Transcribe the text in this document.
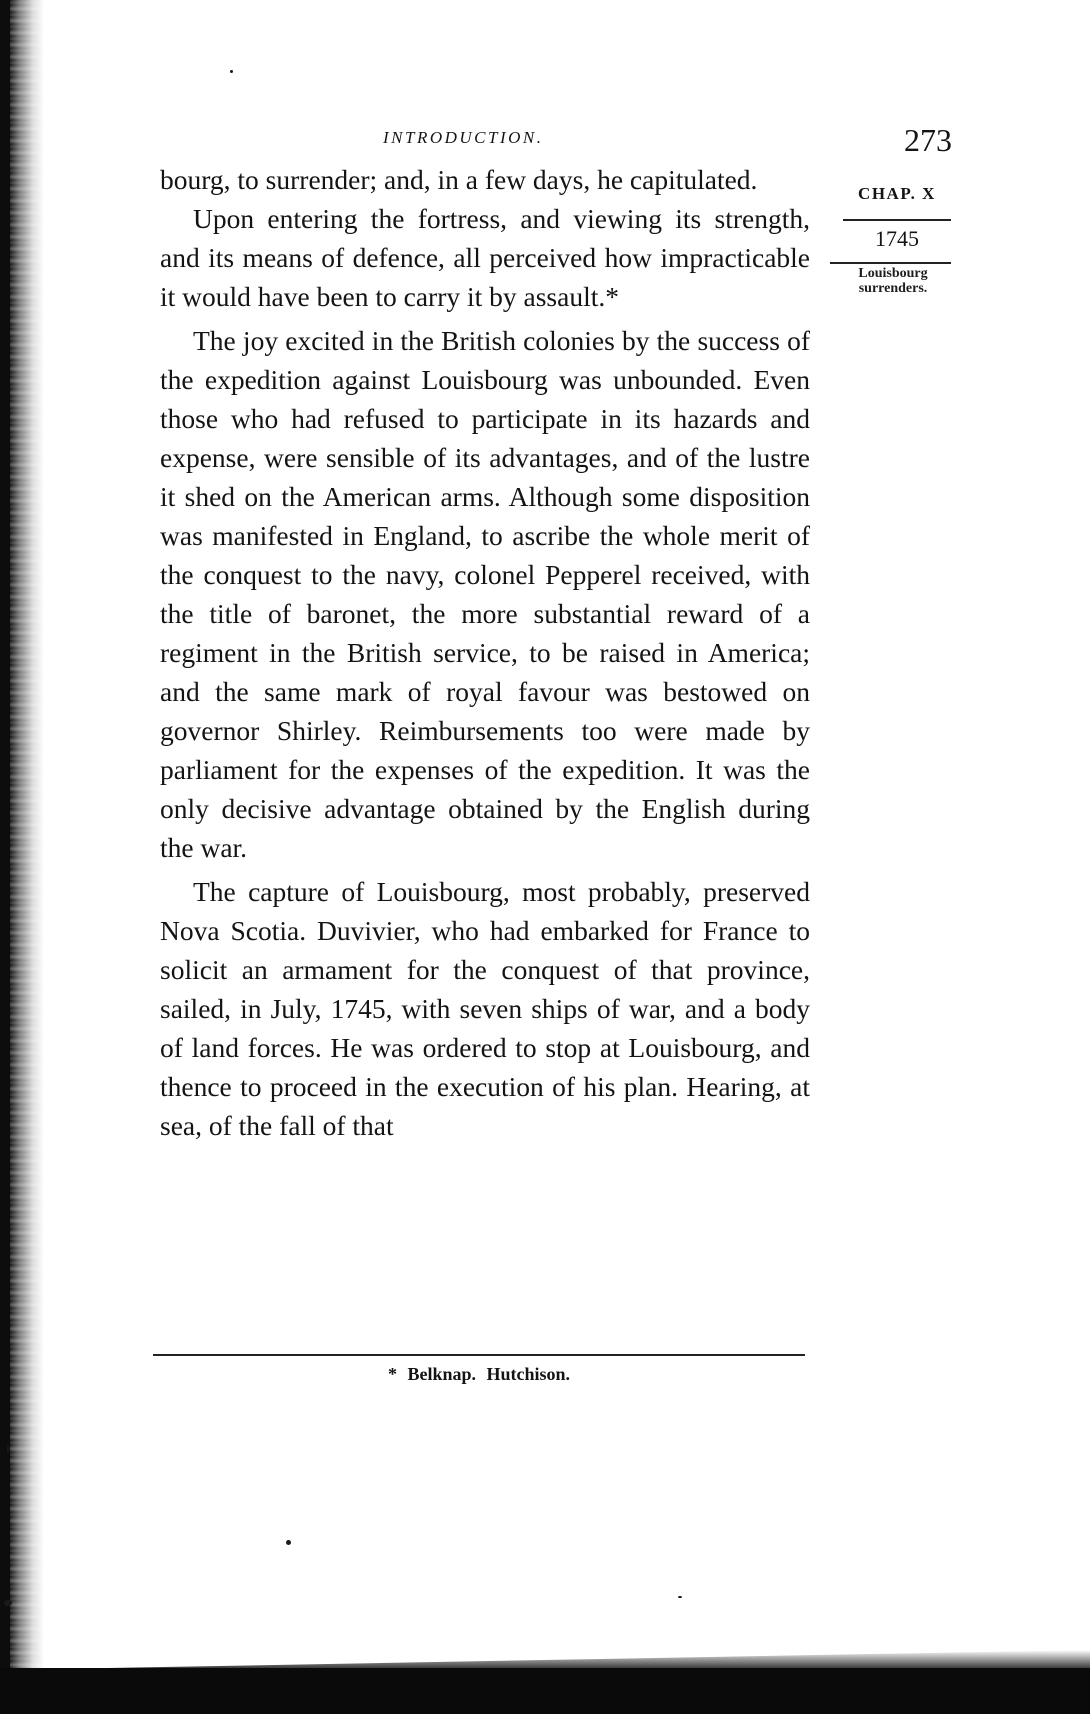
INTRODUCTION.	273
CHAP. X
1745
Louisbourg
surrenders.

bourg, to surrender; and, in a few days, he capitulated.

Upon entering the fortress, and viewing its strength, and its means of defence, all perceived how impracticable it would have been to carry it by assault.*

The joy excited in the British colonies by the success of the expedition against Louisbourg was unbounded. Even those who had refused to participate in its hazards and expense, were sensible of its advantages, and of the lustre it shed on the American arms. Although some disposition was manifested in England, to ascribe the whole merit of the conquest to the navy, colonel Pepperel received, with the title of baronet, the more substantial reward of a regiment in the British service, to be raised in America; and the same mark of royal favour was bestowed on governor Shirley. Reimbursements too were made by parliament for the expenses of the expedition. It was the only decisive advantage obtained by the English during the war.

The capture of Louisbourg, most probably, preserved Nova Scotia. Duvivier, who had embarked for France to solicit an armament for the conquest of that province, sailed, in July, 1745, with seven ships of war, and a body of land forces. He was ordered to stop at Louisbourg, and thence to proceed in the execution of his plan. Hearing, at sea, of the fall of that

* Belknap. Hutchison.
